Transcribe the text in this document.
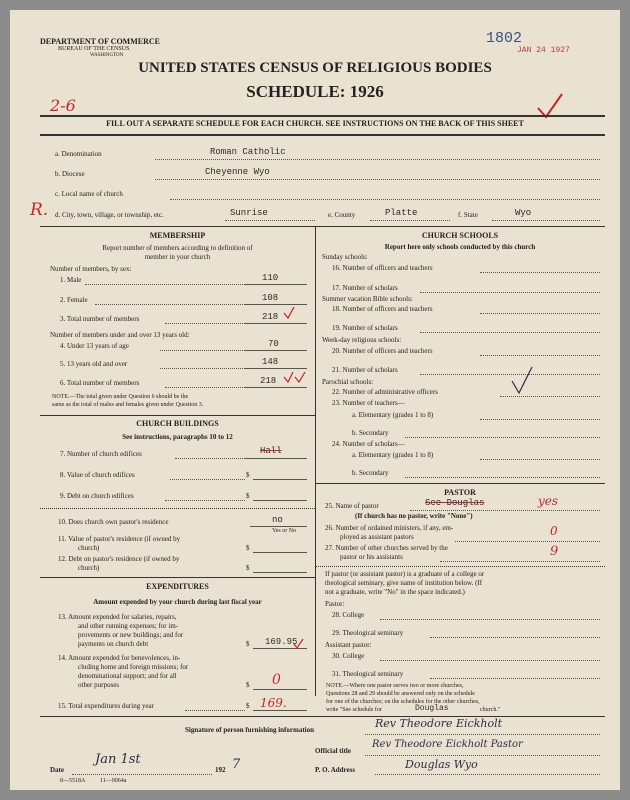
DEPARTMENT OF COMMERCE
BUREAU OF THE CENSUS
WASHINGTON
1802
JAN 24 1927
UNITED STATES CENSUS OF RELIGIOUS BODIES
SCHEDULE: 1926
2-6
FILL OUT A SEPARATE SCHEDULE FOR EACH CHURCH. SEE INSTRUCTIONS ON THE BACK OF THIS SHEET
a. Denomination	Roman Catholic
b. Diocese	Cheyenne Wyo
c. Local name of church
R. d. City, town, village, or township, etc.	Sunrise	e. County	Platte	f. State	Wyo
MEMBERSHIP
Report number of members according to definition of
member in your church
Number of members, by sex:
1. Male	110
2. Female	108
3. Total number of members	218
Number of members under and over 13 years old:
4. Under 13 years of age	70
5. 13 years old and over	148
6. Total number of members	218
NOTE.—The total given under Question 6 should be the
same as the total of males and females given under Question 3.
CHURCH BUILDINGS
See instructions, paragraphs 10 to 12
7. Number of church edifices	Hall
8. Value of church edifices	$
9. Debt on church edifices	$
10. Does church own pastor's residence	no
Yes or No
11. Value of pastor's residence (if owned by
church)	$
12. Debt on pastor's residence (if owned by
church)	$
EXPENDITURES
Amount expended by your church during last fiscal year
13. Amount expended for salaries, repairs,
and other running expenses; for im-
provements or new buildings; and for
payments on church debt	$ 169.95
14. Amount expended for benevolences, in-
cluding home and foreign missions; for
denominational support; and for all
other purposes	$ 0
15. Total expenditures during year	$ 169.
CHURCH SCHOOLS
Report here only schools conducted by this church
Sunday schools:
16. Number of officers and teachers
17. Number of scholars
Summer vacation Bible schools:
18. Number of officers and teachers
19. Number of scholars
Week-day religious schools:
20. Number of officers and teachers
21. Number of scholars
Parochial schools:
22. Number of administrative officers
23. Number of teachers—
a. Elementary (grades 1 to 8)
b. Secondary
24. Number of scholars—
a. Elementary (grades 1 to 8)
b. Secondary
PASTOR
25. Name of pastor	See Douglas	yes
(If church has no pastor, write "None")
26. Number of ordained ministers, if any, em-
ployed as assistant pastors	0
27. Number of other churches served by the
pastor or his assistants	9
If pastor (or assistant pastor) is a graduate of a college or
theological seminary, give name of institution below. (If
not a graduate, write "No" in the space indicated.)
Pastor:
28. College
29. Theological seminary
Assistant pastor:
30. College
31. Theological seminary
NOTE.—Where one pastor serves two or more churches,
Questions 28 and 29 should be answered only on the schedule
for one of the churches; on the schedules for the other churches,
write "See schedule for	Douglas	church."
Signature of person furnishing information	Rev Theodore Eickholt
Official title
Rev Theodore Eickholt Pastor
Date
Jan 1st
192 7	P. O. Address	Douglas Wyo
8—5518A 11—9064a
